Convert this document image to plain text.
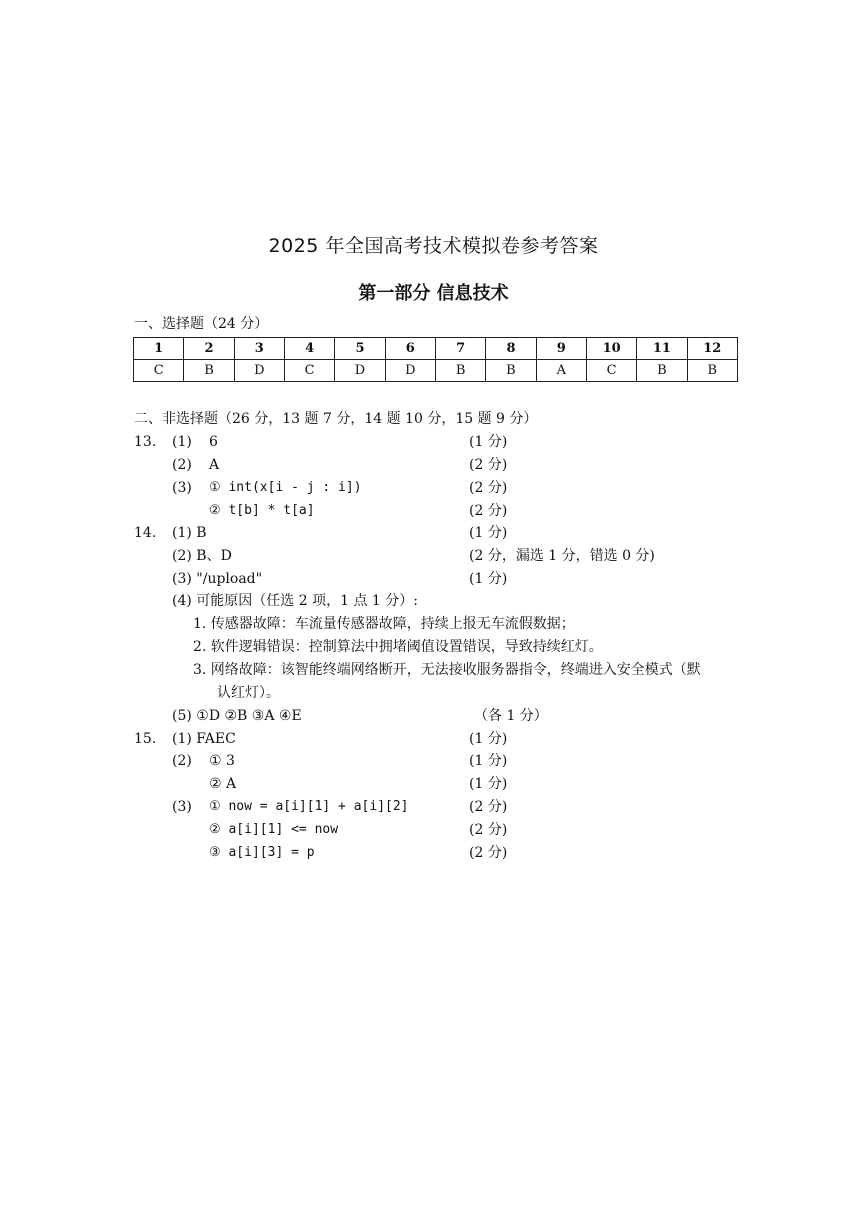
2025 年全国高考技术模拟卷参考答案
第一部分 信息技术
一、选择题（24 分）
1	2	3	4	5	6	7	8	9	10	11	12
C	B	D	C	D	D	B	B	A	C	B	B
二、非选择题（26 分，13 题 7 分，14 题 10 分，15 题 9 分）
13. (1) 6	(1 分)
(2) A	(2 分)
(3) ① int(x[i - j : i])	(2 分)
② t[b] * t[a]	(2 分)
14. (1) B	(1 分)
(2) B、D	(2 分，漏选 1 分，错选 0 分)
(3) "/upload"	(1 分)
(4) 可能原因（任选 2 项，1 点 1 分）:
1. 传感器故障：车流量传感器故障，持续上报无车流假数据；
2. 软件逻辑错误：控制算法中拥堵阈值设置错误，导致持续红灯。
3. 网络故障：该智能终端网络断开，无法接收服务器指令，终端进入安全模式（默
认红灯）。
(5) ①D ②B ③A ④E	（各 1 分）
15. (1) FAEC	(1 分)
(2) ① 3	(1 分)
② A	(1 分)
(3) ① now = a[i][1] + a[i][2]	(2 分)
② a[i][1] <= now	(2 分)
③ a[i][3] = p	(2 分)
